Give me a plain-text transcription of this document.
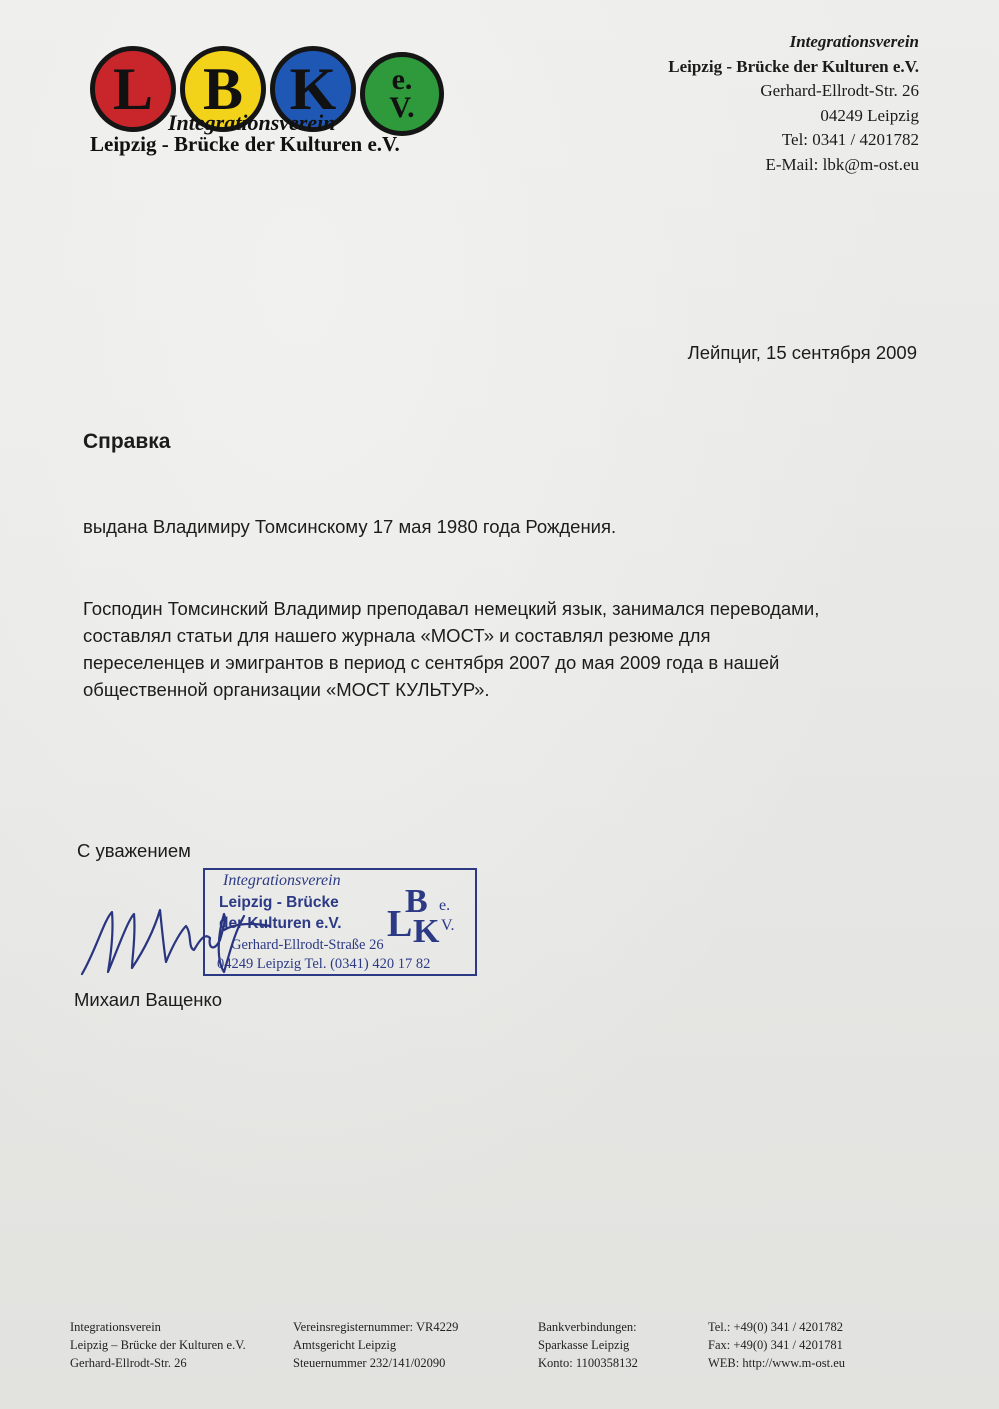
L B K e.
V.
Integrationsverein
Leipzig - Brücke der Kulturen e.V.
Integrationsverein
Leipzig - Brücke der Kulturen e.V.
Gerhard-Ellrodt-Str. 26
04249 Leipzig
Tel: 0341 / 4201782
E-Mail: lbk@m-ost.eu
Лейпциг, 15 сентября 2009
Справка
выдана Владимиру Томсинскому 17 мая 1980 года Рождения.
Господин Томсинский Владимир преподавал немецкий язык, занимался переводами,
составлял статьи для нашего журнала «МОСТ» и составлял резюме для
переселенцев и эмигрантов в период с сентября 2007 до мая 2009 года в нашей
общественной организации «МОСТ КУЛЬТУР».
С уважением
Integrationsverein
Leipzig - Brücke
der Kulturen e.V.
Gerhard-Ellrodt-Straße 26
04249 Leipzig Tel. (0341) 420 17 82
L
B
K
e.
V.
Михаил Ващенко
Integrationsverein
Leipzig – Brücke der Kulturen e.V.
Gerhard-Ellrodt-Str. 26
Vereinsregisternummer: VR4229
Amtsgericht Leipzig
Steuernummer 232/141/02090
Bankverbindungen:
Sparkasse Leipzig
Konto: 1100358132
Tel.: +49(0) 341 / 4201782
Fax: +49(0) 341 / 4201781
WEB: http://www.m-ost.eu
